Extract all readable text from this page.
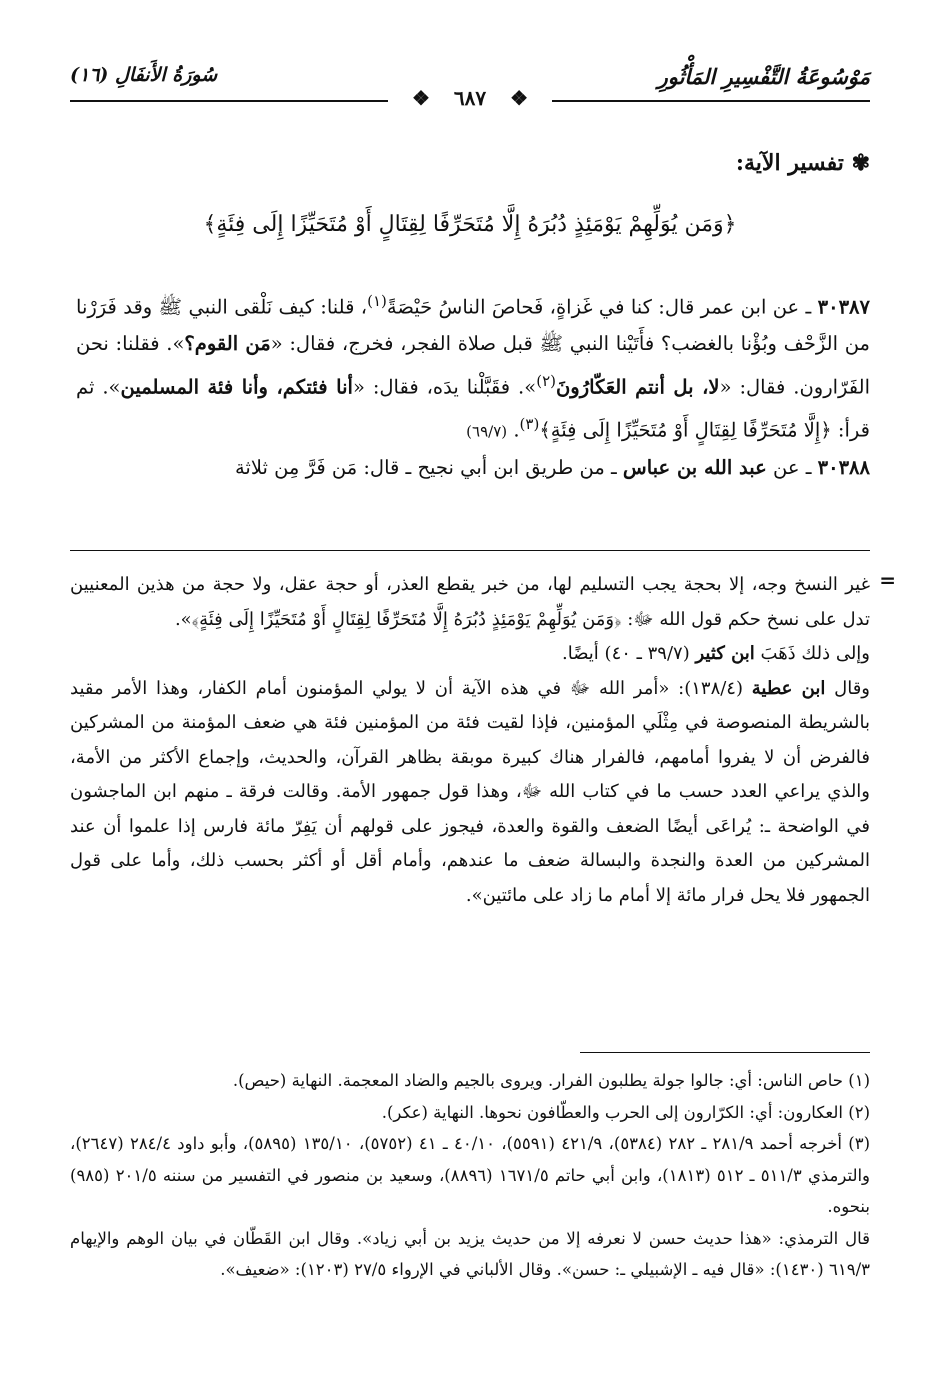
مَوْسُوعَةُ التَّفْسِيرِ المَأْثُورِ
سُورَةُ الأَنفَالِ (١٦)
❖ ٦٨٧ ❖
✾ تفسير الآية:
﴿وَمَن يُوَلِّهِمْ يَوْمَئِذٍ دُبُرَهُ إِلَّا مُتَحَرِّفًا لِقِتَالٍ أَوْ مُتَحَيِّزًا إِلَى فِئَةٍ﴾

٣٠٣٨٧ ـ عن ابن عمر قال: كنا في غَزاةٍ، فَحاصَ الناسُ حَيْصَةً$^{(١)}$، قلنا: كيف نَلْقى النبي ﷺ وقد فَرَرْنا من الزَّحْف وبُؤْنا بالغضب؟ فأَتَيْنا النبي ﷺ قبل صلاة الفجر، فخرج، فقال: «مَن القوم؟». فقلنا: نحن الفَرّارون. فقال: «لا، بل أنتم العَكّارُونَ$^{(٢)}$». فقَبَّلْنا يدَه، فقال: «أنا فئتكم، وأنا فئة المسلمين». ثم قرأ: ﴿إِلَّا مُتَحَرِّفًا لِقِتَالٍ أَوْ مُتَحَيِّزًا إِلَى فِئَةٍ﴾$^{(٣)}$. (٦٩/٧)

٣٠٣٨٨ ـ عن عبد الله بن عباس ـ من طريق ابن أبي نجيح ـ قال: مَن فَرَّ مِن ثلاثة

=

غير النسخ وجه، إلا بحجة يجب التسليم لها، من خبر يقطع العذر، أو حجة عقل، ولا حجة من هذين المعنيين تدل على نسخ حكم قول الله ﷻ: ﴿وَمَن يُوَلِّهِمْ يَوْمَئِذٍ دُبُرَهُ إِلَّا مُتَحَرِّفًا لِقِتَالٍ أَوْ مُتَحَيِّزًا إِلَى فِئَةٍ﴾».

وإلى ذلك ذَهَبَ ابن كثير (٣٩/٧ ـ ٤٠) أيضًا.

وقال ابن عطية (١٣٨/٤): «أمر الله ﷻ في هذه الآية أن لا يولي المؤمنون أمام الكفار، وهذا الأمر مقيد بالشريطة المنصوصة في مِثْلَي المؤمنين، فإذا لقيت فئة من المؤمنين فئة هي ضعف المؤمنة من المشركين فالفرض أن لا يفروا أمامهم، فالفرار هناك كبيرة موبقة بظاهر القرآن، والحديث، وإجماع الأكثر من الأمة، والذي يراعي العدد حسب ما في كتاب الله ﷻ، وهذا قول جمهور الأمة. وقالت فرقة ـ منهم ابن الماجشون في الواضحة ـ: يُراعَى أيضًا الضعف والقوة والعدة، فيجوز على قولهم أن يَفِرّ مائة فارس إذا علموا أن عند المشركين من العدة والنجدة والبسالة ضعف ما عندهم، وأمام أقل أو أكثر بحسب ذلك، وأما على قول الجمهور فلا يحل فرار مائة إلا أمام ما زاد على مائتين».

(١) حاص الناس: أي: جالوا جولة يطلبون الفرار. ويروى بالجيم والضاد المعجمة. النهاية (حيص).

(٢) العكارون: أي: الكرّارون إلى الحرب والعطّافون نحوها. النهاية (عكر).

(٣) أخرجه أحمد ٢٨١/٩ ـ ٢٨٢ (٥٣٨٤)، ٤٢١/٩ (٥٥٩١)، ٤٠/١٠ ـ ٤١ (٥٧٥٢)، ١٣٥/١٠ (٥٨٩٥)، وأبو داود ٢٨٤/٤ (٢٦٤٧)، والترمذي ٥١١/٣ ـ ٥١٢ (١٨١٣)، وابن أبي حاتم ١٦٧١/٥ (٨٨٩٦)، وسعيد بن منصور في التفسير من سننه ٢٠١/٥ (٩٨٥) بنحوه.

قال الترمذي: «هذا حديث حسن لا نعرفه إلا من حديث يزيد بن أبي زياد». وقال ابن القَطّان في بيان الوهم والإيهام ٦١٩/٣ (١٤٣٠): «قال فيه ـ الإشبيلي ـ: حسن». وقال الألباني في الإرواء ٢٧/٥ (١٢٠٣): «ضعيف».
